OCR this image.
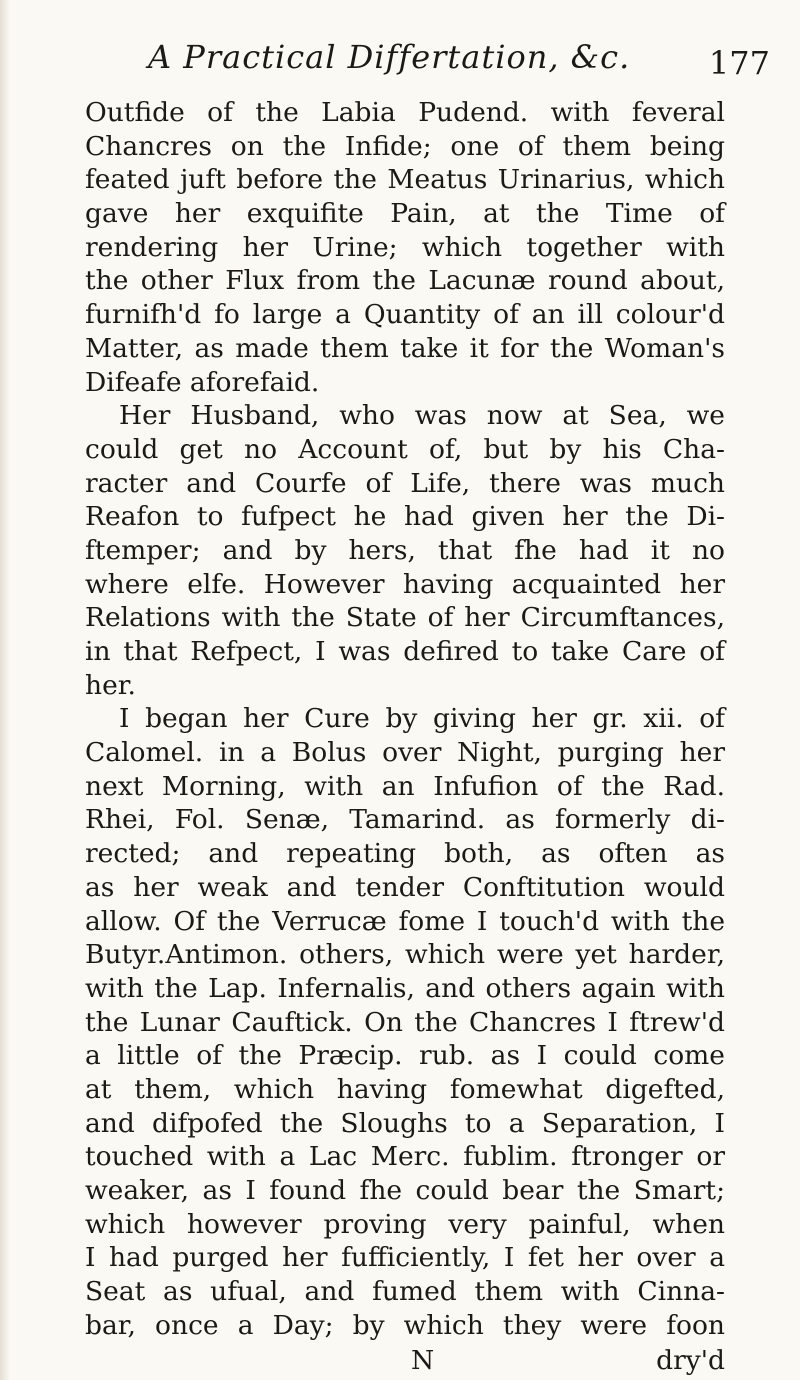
A Practical Differtation, &c. 177
Outfide of the Labia Pudend. with feveral
Chancres on the Infide; one of them being
feated juft before the Meatus Urinarius, which
gave her exquifite Pain, at the Time of
rendering her Urine; which together with
the other Flux from the Lacunæ round about,
furnifh'd fo large a Quantity of an ill colour'd
Matter, as made them take it for the Woman's
Difeafe aforefaid.
Her Husband, who was now at Sea, we
could get no Account of, but by his Cha-
racter and Courfe of Life, there was much
Reafon to fufpect he had given her the Di-
ftemper; and by hers, that fhe had it no
where elfe. However having acquainted her
Relations with the State of her Circumftances,
in that Refpect, I was defired to take Care of
her.
I began her Cure by giving her gr. xii. of
Calomel. in a Bolus over Night, purging her
next Morning, with an Infufion of the Rad.
Rhei, Fol. Senæ, Tamarind. as formerly di-
rected; and repeating both, as often as
as her weak and tender Conftitution would
allow. Of the Verrucæ fome I touch'd with the
Butyr.Antimon. others, which were yet harder,
with the Lap. Infernalis, and others again with
the Lunar Cauftick. On the Chancres I ftrew'd
a little of the Præcip. rub. as I could come
at them, which having fomewhat digefted,
and difpofed the Sloughs to a Separation, I
touched with a Lac Merc. fublim. ftronger or
weaker, as I found fhe could bear the Smart;
which however proving very painful, when
I had purged her fufficiently, I fet her over a
Seat as ufual, and fumed them with Cinna-
bar, once a Day; by which they were foon
N	dry'd
